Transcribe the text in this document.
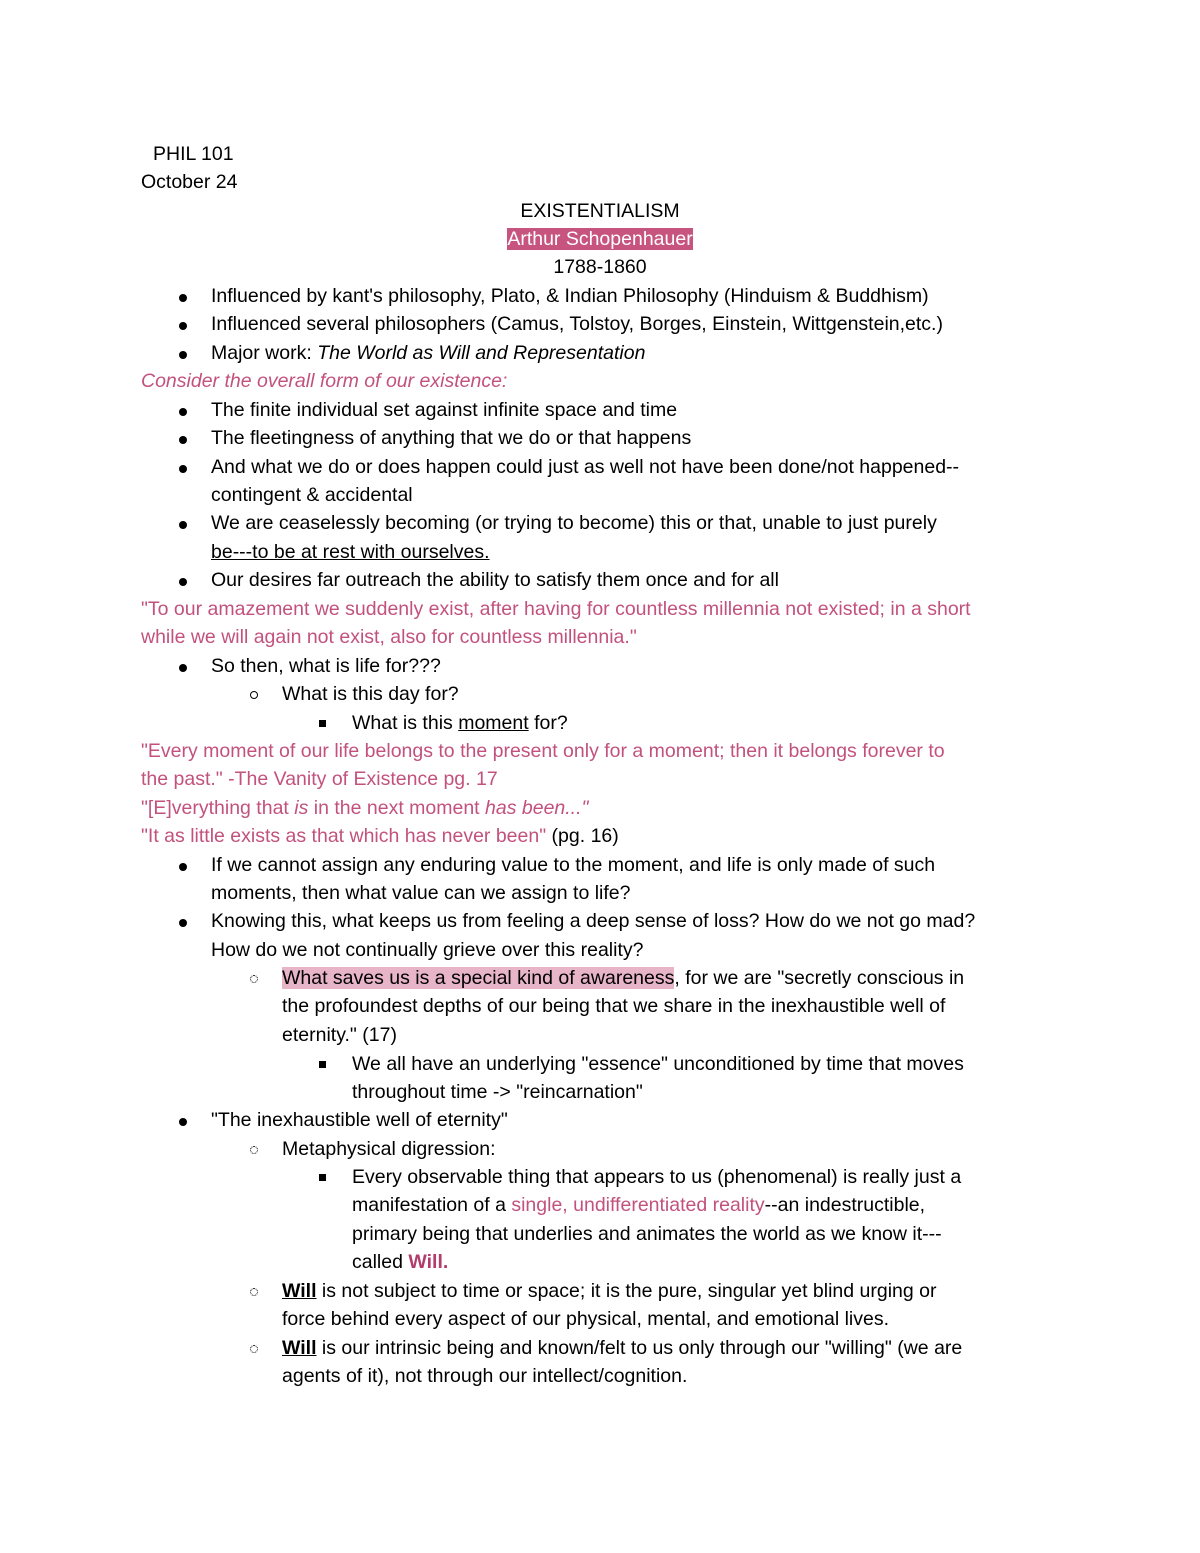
PHIL 101
October 24
EXISTENTIALISM
Arthur Schopenhauer
1788-1860
Influenced by kant's philosophy, Plato, & Indian Philosophy (Hinduism & Buddhism)
Influenced several philosophers (Camus, Tolstoy, Borges, Einstein, Wittgenstein,etc.)
Major work: The World as Will and Representation
Consider the overall form of our existence:
The finite individual set against infinite space and time
The fleetingness of anything that we do or that happens
And what we do or does happen could just as well not have been done/not happened--
contingent & accidental
We are ceaselessly becoming (or trying to become) this or that, unable to just purely
be---to be at rest with ourselves.
Our desires far outreach the ability to satisfy them once and for all
"To our amazement we suddenly exist, after having for countless millennia not existed; in a short
while we will again not exist, also for countless millennia."
So then, what is life for???
What is this day for?
What is this moment for?
"Every moment of our life belongs to the present only for a moment; then it belongs forever to
the past." -The Vanity of Existence pg. 17
"[E]verything that is in the next moment has been..."
"It as little exists as that which has never been" (pg. 16)
If we cannot assign any enduring value to the moment, and life is only made of such
moments, then what value can we assign to life?
Knowing this, what keeps us from feeling a deep sense of loss? How do we not go mad?
How do we not continually grieve over this reality?
What saves us is a special kind of awareness, for we are "secretly conscious in
the profoundest depths of our being that we share in the inexhaustible well of
eternity." (17)
We all have an underlying "essence" unconditioned by time that moves
throughout time -> "reincarnation"
"The inexhaustible well of eternity"
Metaphysical digression:
Every observable thing that appears to us (phenomenal) is really just a
manifestation of a single, undifferentiated reality--an indestructible,
primary being that underlies and animates the world as we know it---
called Will.
Will is not subject to time or space; it is the pure, singular yet blind urging or
force behind every aspect of our physical, mental, and emotional lives.
Will is our intrinsic being and known/felt to us only through our "willing" (we are
agents of it), not through our intellect/cognition.
